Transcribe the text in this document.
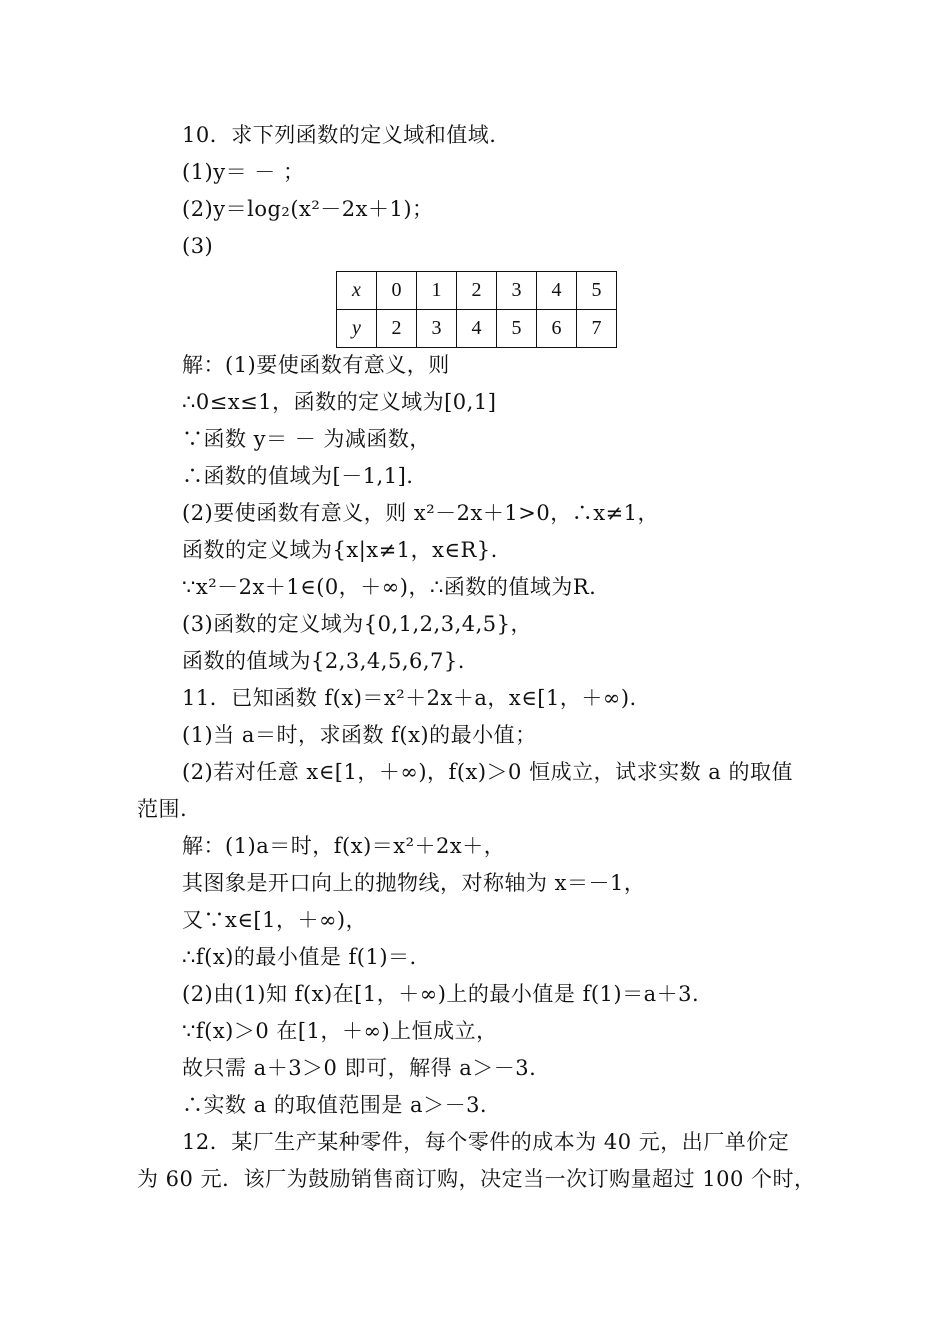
10．求下列函数的定义域和值域.
(1)y＝ － ；
(2)y＝log₂(x²－2x＋1)；
(3)
x	0	1	2	3	4	5
y	2	3	4	5	6	7
解：(1)要使函数有意义，则
∴0≤x≤1，函数的定义域为[0,1]
∵函数 y＝ － 为减函数，
∴函数的值域为[－1,1].
(2)要使函数有意义，则 x²－2x＋1>0，∴x≠1，
函数的定义域为{x|x≠1，x∈R}.
∵x²－2x＋1∈(0，＋∞)，∴函数的值域为R.
(3)函数的定义域为{0,1,2,3,4,5}，
函数的值域为{2,3,4,5,6,7}.
11．已知函数 f(x)＝x²＋2x＋a，x∈[1，＋∞).
(1)当 a＝时，求函数 f(x)的最小值；
(2)若对任意 x∈[1，＋∞)，f(x)＞0 恒成立，试求实数 a 的取值
范围.
解：(1)a＝时，f(x)＝x²＋2x＋，
其图象是开口向上的抛物线，对称轴为 x＝－1，
又∵x∈[1，＋∞)，
∴f(x)的最小值是 f(1)＝.
(2)由(1)知 f(x)在[1，＋∞)上的最小值是 f(1)＝a＋3.
∵f(x)＞0 在[1，＋∞)上恒成立，
故只需 a＋3＞0 即可，解得 a＞－3.
∴实数 a 的取值范围是 a＞－3.
12．某厂生产某种零件，每个零件的成本为 40 元，出厂单价定
为 60 元．该厂为鼓励销售商订购，决定当一次订购量超过 100 个时，
